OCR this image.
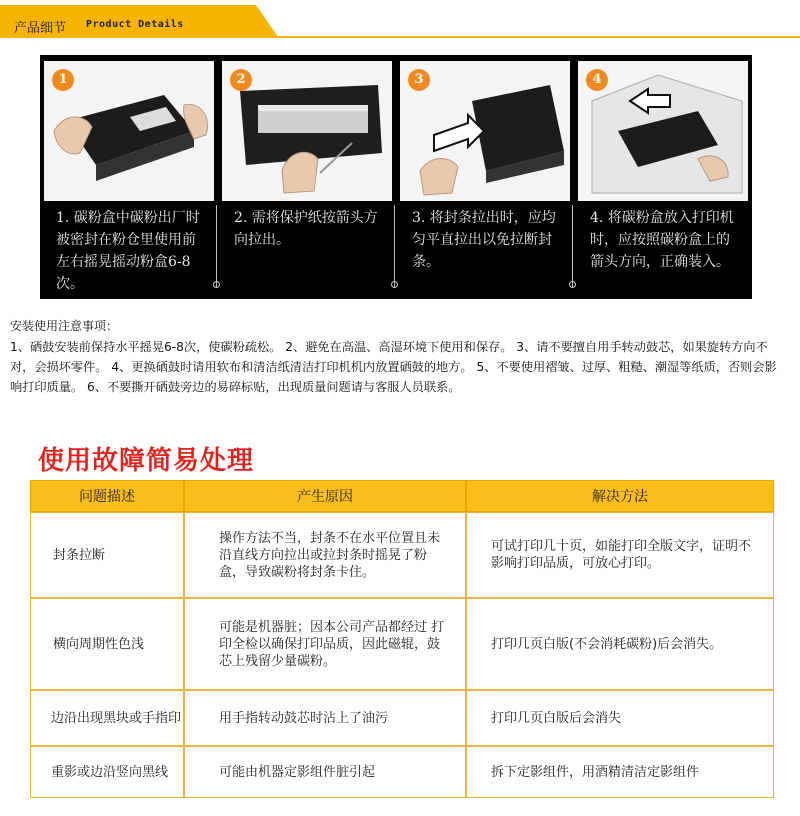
产品细节 Product Details
1
1. 碳粉盒中碳粉出厂时被密封在粉仓里使用前左右摇晃摇动粉盒6-8次。
2
2. 需将保护纸按箭头方向拉出。
3
3. 将封条拉出时，应均匀平直拉出以免拉断封条。
4
4. 将碳粉盒放入打印机时，应按照碳粉盒上的箭头方向，正确装入。
安装使用注意事项：
1、硒鼓安装前保持水平摇晃6-8次，使碳粉疏松。 2、避免在高温、高湿环境下使用和保存。 3、请不要擅自用手转动鼓芯，如果旋转方向不对，会损坏零件。 4、更换硒鼓时请用软布和清洁纸清洁打印机机内放置硒鼓的地方。 5、不要使用褶皱、过厚、粗糙、潮湿等纸质，否则会影响打印质量。 6、不要撕开硒鼓旁边的易碎标贴，出现质量问题请与客服人员联系。
使用故障简易处理
问题描述	产生原因	解决方法
封条拉断	操作方法不当，封条不在水平位置且未沿直线方向拉出或拉封条时摇晃了粉盒，导致碳粉将封条卡住。	可试打印几十页，如能打印全版文字，证明不影响打印品质，可放心打印。
横向周期性色浅	可能是机器脏；因本公司产品都经过 打印全检以确保打印品质，因此磁辊，鼓芯上残留少量碳粉。	打印几页白版(不会消耗碳粉)后会消失。
边沿出现黑块或手指印	用手指转动鼓芯时沾上了油污	打印几页白版后会消失
重影或边沿竖向黑线	可能由机器定影组件脏引起	拆下定影组件，用酒精清洁定影组件
